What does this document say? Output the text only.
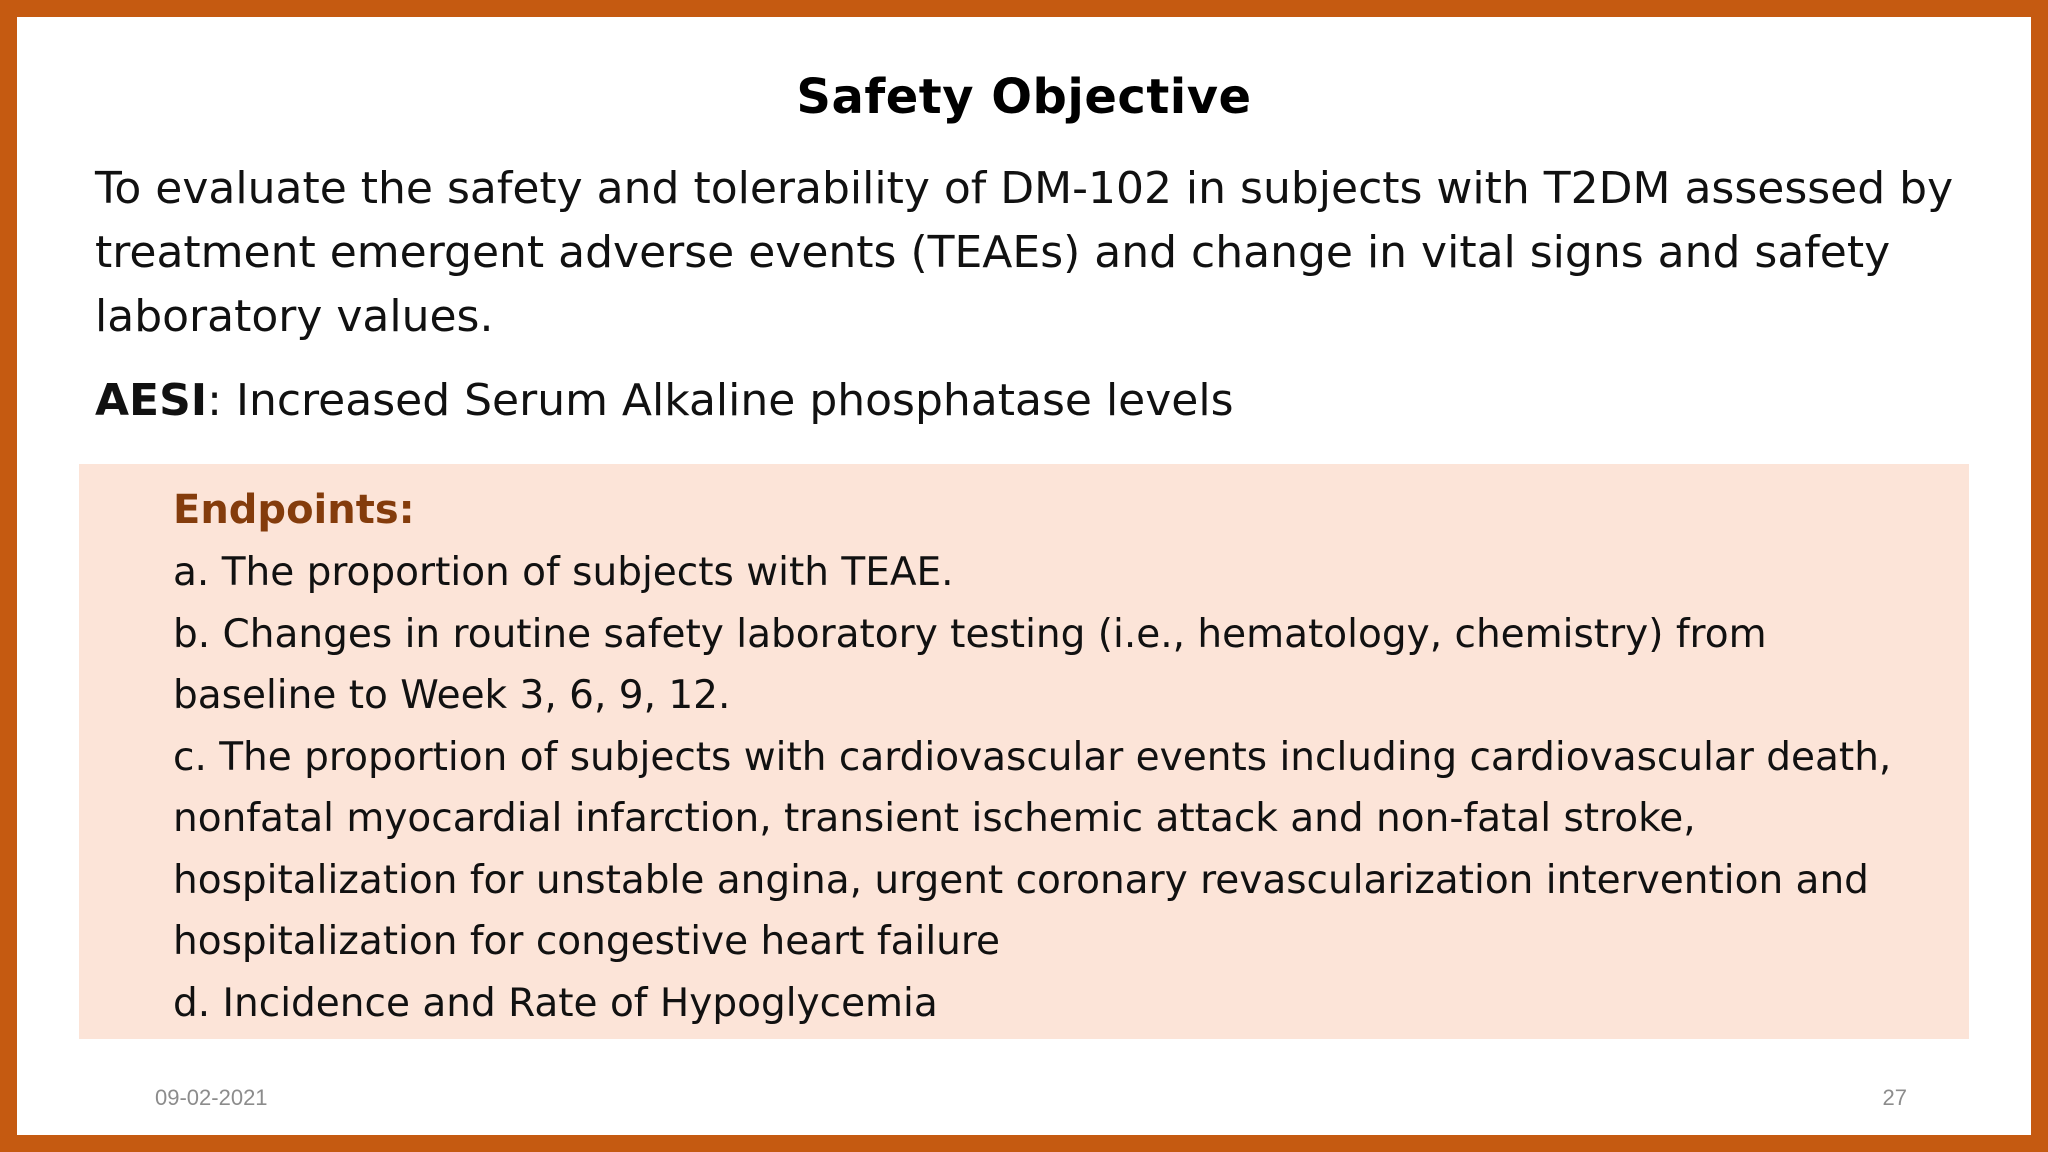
Safety Objective
To evaluate the safety and tolerability of DM-102 in subjects with T2DM assessed by treatment emergent adverse events (TEAEs) and change in vital signs and safety laboratory values.
AESI: Increased Serum Alkaline phosphatase levels
Endpoints:
a. The proportion of subjects with TEAE.
b. Changes in routine safety laboratory testing (i.e., hematology, chemistry) from
baseline to Week 3, 6, 9, 12.
c. The proportion of subjects with cardiovascular events including cardiovascular death,
nonfatal myocardial infarction, transient ischemic attack and non-fatal stroke,
hospitalization for unstable angina, urgent coronary revascularization intervention and
hospitalization for congestive heart failure
d. Incidence and Rate of Hypoglycemia
09-02-2021	27
